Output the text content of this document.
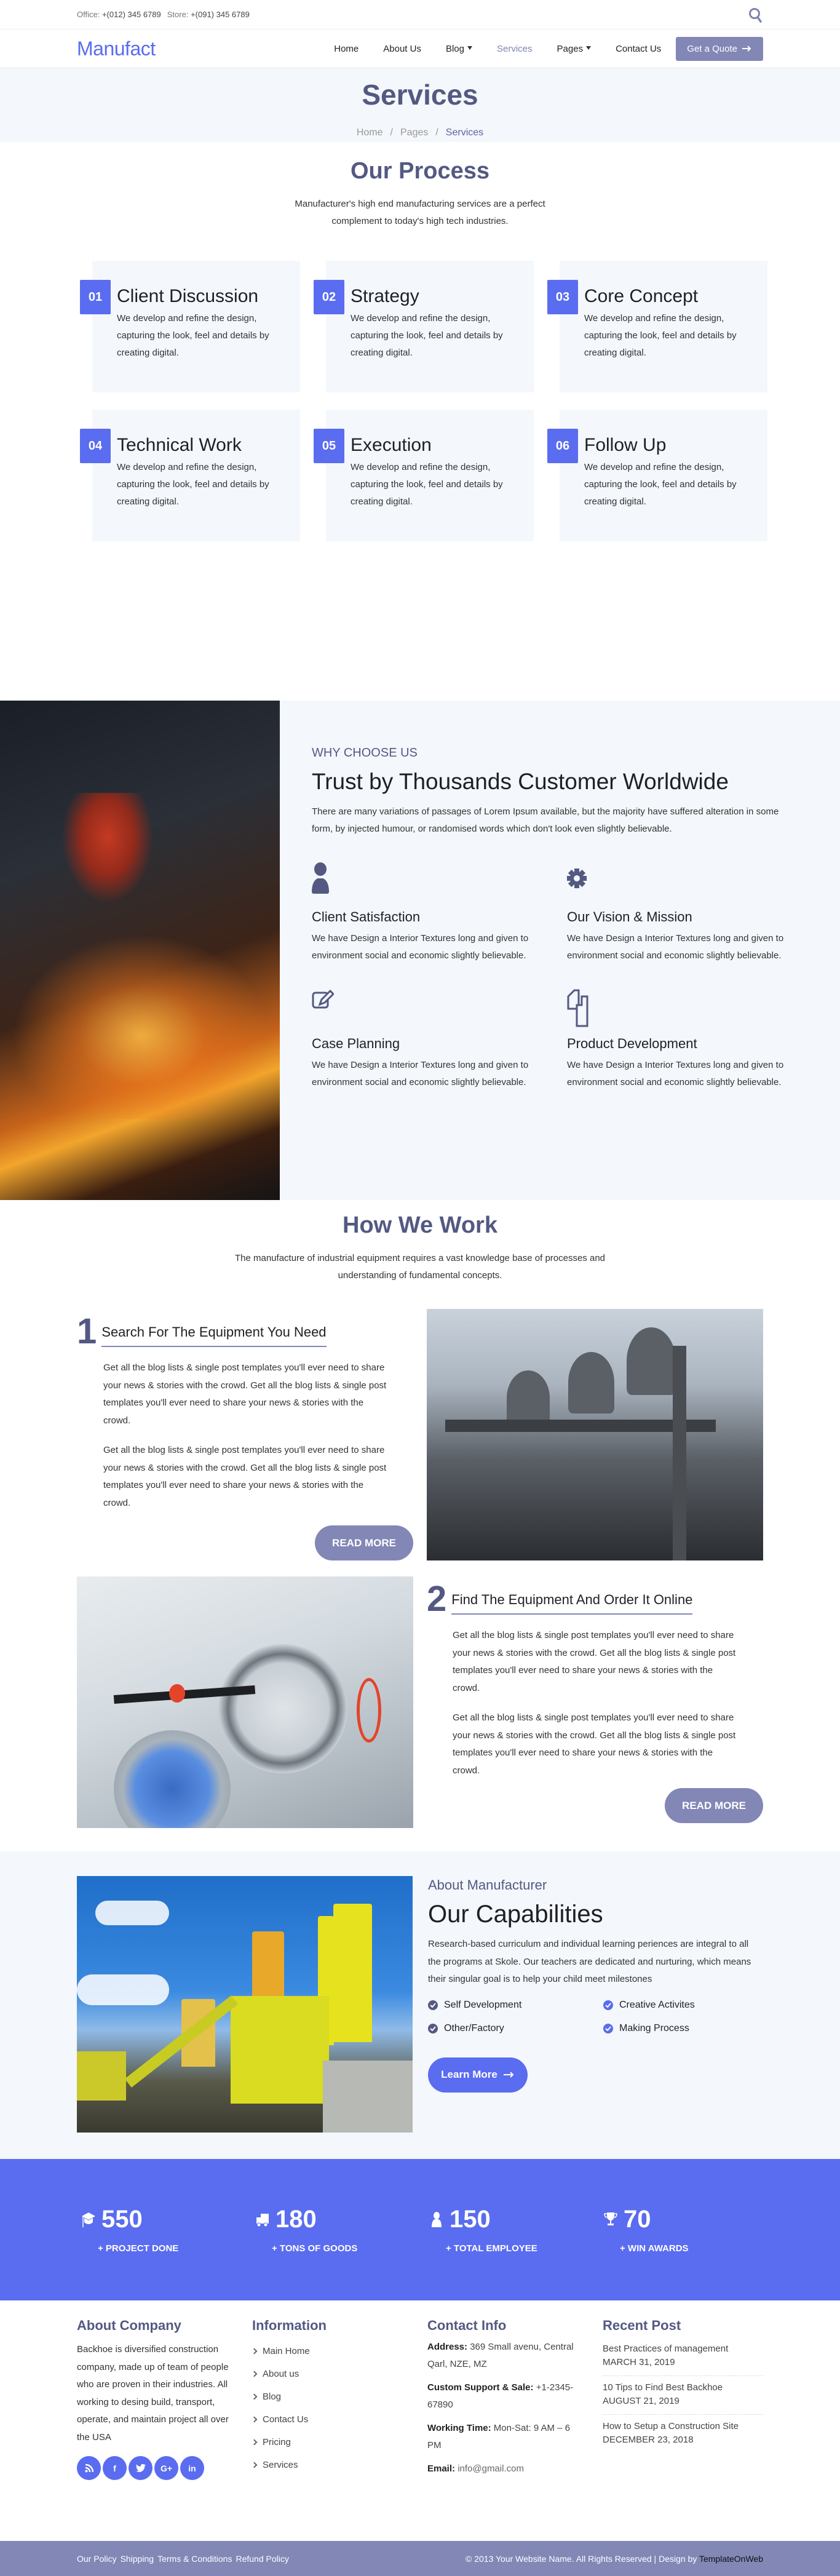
Office: +(012) 345 6789 Store: +(091) 345 6789
Manufact	Home	About Us	Blog	Services	Pages	Contact Us	Get a Quote
Services
Home / Pages / Services
Our Process

Manufacturer's high end manufacturing services are a perfect complement to today's high tech industries.

01 Client Discussion

We develop and refine the design, capturing the look, feel and details by creating digital.

02 Strategy

We develop and refine the design, capturing the look, feel and details by creating digital.

03 Core Concept

We develop and refine the design, capturing the look, feel and details by creating digital.

04 Technical Work

We develop and refine the design, capturing the look, feel and details by creating digital.

05 Execution

We develop and refine the design, capturing the look, feel and details by creating digital.

06 Follow Up

We develop and refine the design, capturing the look, feel and details by creating digital.

WHY CHOOSE US
Trust by Thousands Customer Worldwide

There are many variations of passages of Lorem Ipsum available, but the majority have suffered alteration in some form, by injected humour, or randomised words which don't look even slightly believable.

Client Satisfaction

We have Design a Interior Textures long and given to environment social and economic slightly believable.

Our Vision & Mission

We have Design a Interior Textures long and given to environment social and economic slightly believable.

Case Planning

We have Design a Interior Textures long and given to environment social and economic slightly believable.

Product Development

We have Design a Interior Textures long and given to environment social and economic slightly believable.

How We Work

The manufacture of industrial equipment requires a vast knowledge base of processes and understanding of fundamental concepts.

1 Search For The Equipment You Need

Get all the blog lists & single post templates you'll ever need to share your news & stories with the crowd. Get all the blog lists & single post templates you'll ever need to share your news & stories with the crowd.

Get all the blog lists & single post templates you'll ever need to share your news & stories with the crowd. Get all the blog lists & single post templates you'll ever need to share your news & stories with the crowd.

READ MORE
2 Find The Equipment And Order It Online

Get all the blog lists & single post templates you'll ever need to share your news & stories with the crowd. Get all the blog lists & single post templates you'll ever need to share your news & stories with the crowd.

Get all the blog lists & single post templates you'll ever need to share your news & stories with the crowd. Get all the blog lists & single post templates you'll ever need to share your news & stories with the crowd.

READ MORE
About Manufacturer
Our Capabilities

Research-based curriculum and individual learning periences are integral to all the programs at Skole. Our teachers are dedicated and nurturing, which means their singular goal is to help your child meet milestones

Self Development	Creative Activites
Other/Factory	Making Process
Learn More
550
+ PROJECT DONE
180
+ TONS OF GOODS
150
+ TOTAL EMPLOYEE
70
+ WIN AWARDS
About Company

Backhoe is diversified construction company, made up of team of people who are proven in their industries. All working to desing build, transport, operate, and maintain project all over the USA

f	G+	in
Information
Main Home
About us
Blog
Contact Us
Pricing
Services
Contact Info
Address: 369 Small avenu, Central Qarl, NZE, MZ
Custom Support & Sale: +1-2345-67890
Working Time: Mon-Sat: 9 AM – 6 PM
Email: info@gmail.com
Recent Post
Best Practices of management
MARCH 31, 2019
10 Tips to Find Best Backhoe
AUGUST 21, 2019
How to Setup a Construction Site
DECEMBER 23, 2018
Our Policy Shipping Terms & Conditions Refund Policy	© 2013 Your Website Name. All Rights Reserved | Design by TemplateOnWeb
